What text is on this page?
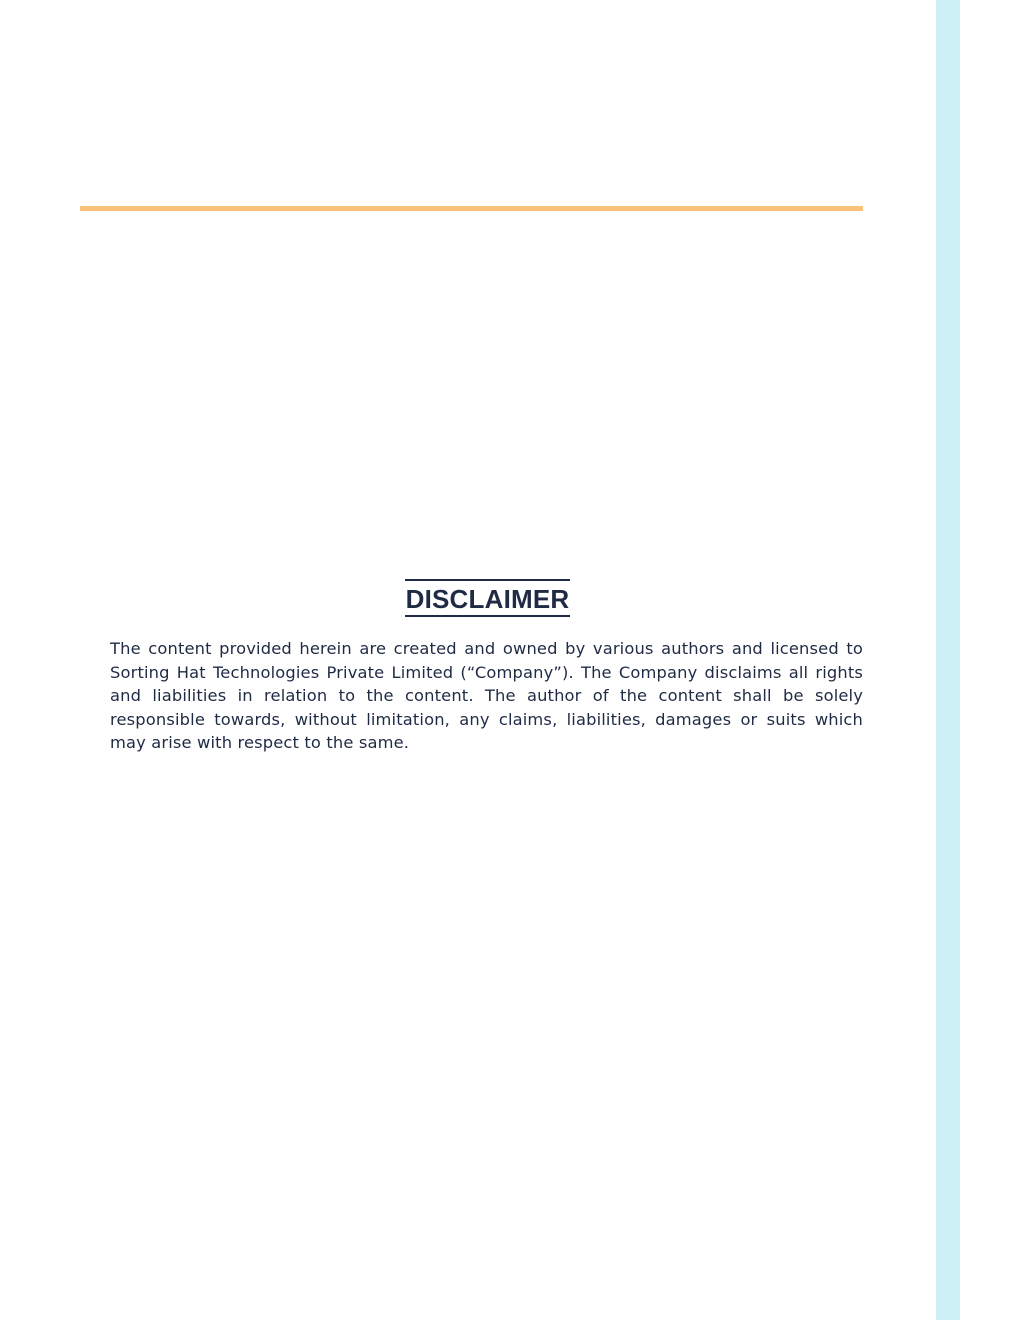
DISCLAIMER

The content provided herein are created and owned by various authors and licensed to Sorting Hat Technologies Private Limited (“Company”). The Company disclaims all rights and liabilities in relation to the content. The author of the content shall be solely responsible towards, without limitation, any claims, liabilities, damages or suits which may arise with respect to the same.
